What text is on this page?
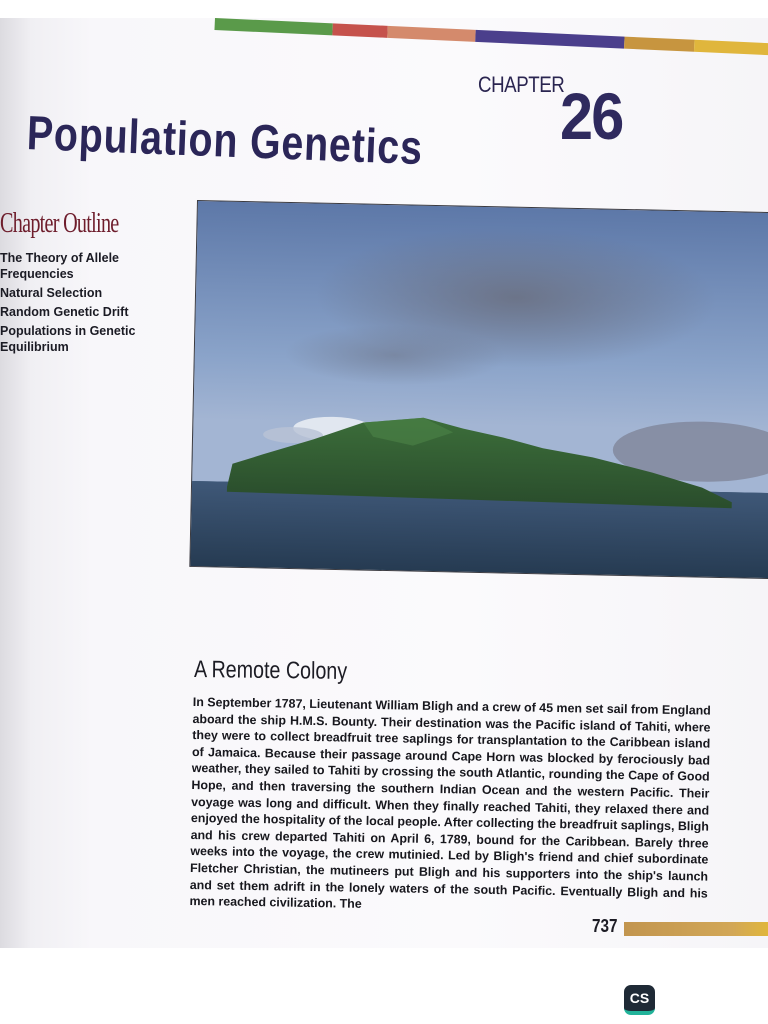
CHAPTER
26
Population Genetics
Chapter Outline
The Theory of Allele Frequencies
Natural Selection
Random Genetic Drift
Populations in Genetic Equilibrium
A Remote Colony
In September 1787, Lieutenant William Bligh and a crew of 45 men set sail from England aboard the ship H.M.S. Bounty. Their destination was the Pacific island of Tahiti, where they were to collect breadfruit tree saplings for transplantation to the Caribbean island of Jamaica. Because their passage around Cape Horn was blocked by ferociously bad weather, they sailed to Tahiti by crossing the south Atlantic, rounding the Cape of Good Hope, and then traversing the southern Indian Ocean and the western Pacific. Their voyage was long and difficult. When they finally reached Tahiti, they relaxed there and enjoyed the hospitality of the local people. After collecting the breadfruit saplings, Bligh and his crew departed Tahiti on April 6, 1789, bound for the Caribbean. Barely three weeks into the voyage, the crew mutinied. Led by Bligh's friend and chief subordinate Fletcher Christian, the mutineers put Bligh and his supporters into the ship's launch and set them adrift in the lonely waters of the south Pacific. Eventually Bligh and his men reached civilization. The
737
CS
